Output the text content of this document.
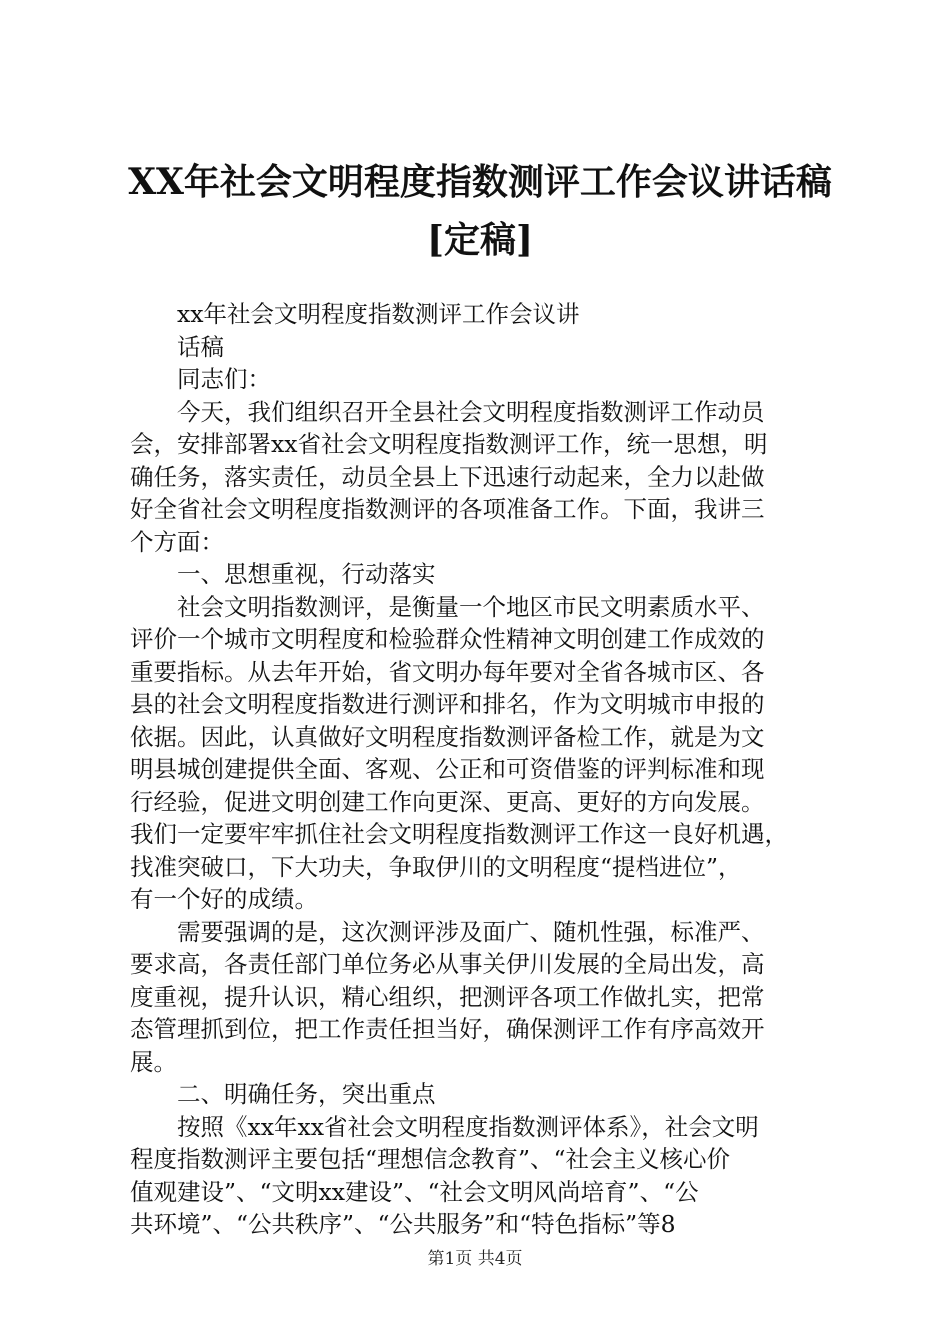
XX年社会文明程度指数测评工作会议讲话稿
[定稿]
xx年社会文明程度指数测评工作会议讲
话稿
同志们：
今天，我们组织召开全县社会文明程度指数测评工作动员
会，安排部署xx省社会文明程度指数测评工作，统一思想，明
确任务，落实责任，动员全县上下迅速行动起来，全力以赴做
好全省社会文明程度指数测评的各项准备工作。下面，我讲三
个方面：
一、思想重视，行动落实
社会文明指数测评，是衡量一个地区市民文明素质水平、
评价一个城市文明程度和检验群众性精神文明创建工作成效的
重要指标。从去年开始，省文明办每年要对全省各城市区、各
县的社会文明程度指数进行测评和排名，作为文明城市申报的
依据。因此，认真做好文明程度指数测评备检工作，就是为文
明县城创建提供全面、客观、公正和可资借鉴的评判标准和现
行经验，促进文明创建工作向更深、更高、更好的方向发展。
我们一定要牢牢抓住社会文明程度指数测评工作这一良好机遇，
找准突破口，下大功夫，争取伊川的文明程度“提档进位”，
有一个好的成绩。
需要强调的是，这次测评涉及面广、随机性强，标准严、
要求高，各责任部门单位务必从事关伊川发展的全局出发，高
度重视，提升认识，精心组织，把测评各项工作做扎实，把常
态管理抓到位，把工作责任担当好，确保测评工作有序高效开
展。
二、明确任务，突出重点
按照《xx年xx省社会文明程度指数测评体系》，社会文明
程度指数测评主要包括“理想信念教育”、“社会主义核心价
值观建设”、“文明xx建设”、“社会文明风尚培育”、“公
共环境”、“公共秩序”、“公共服务”和“特色指标”等8
第1页 共4页
